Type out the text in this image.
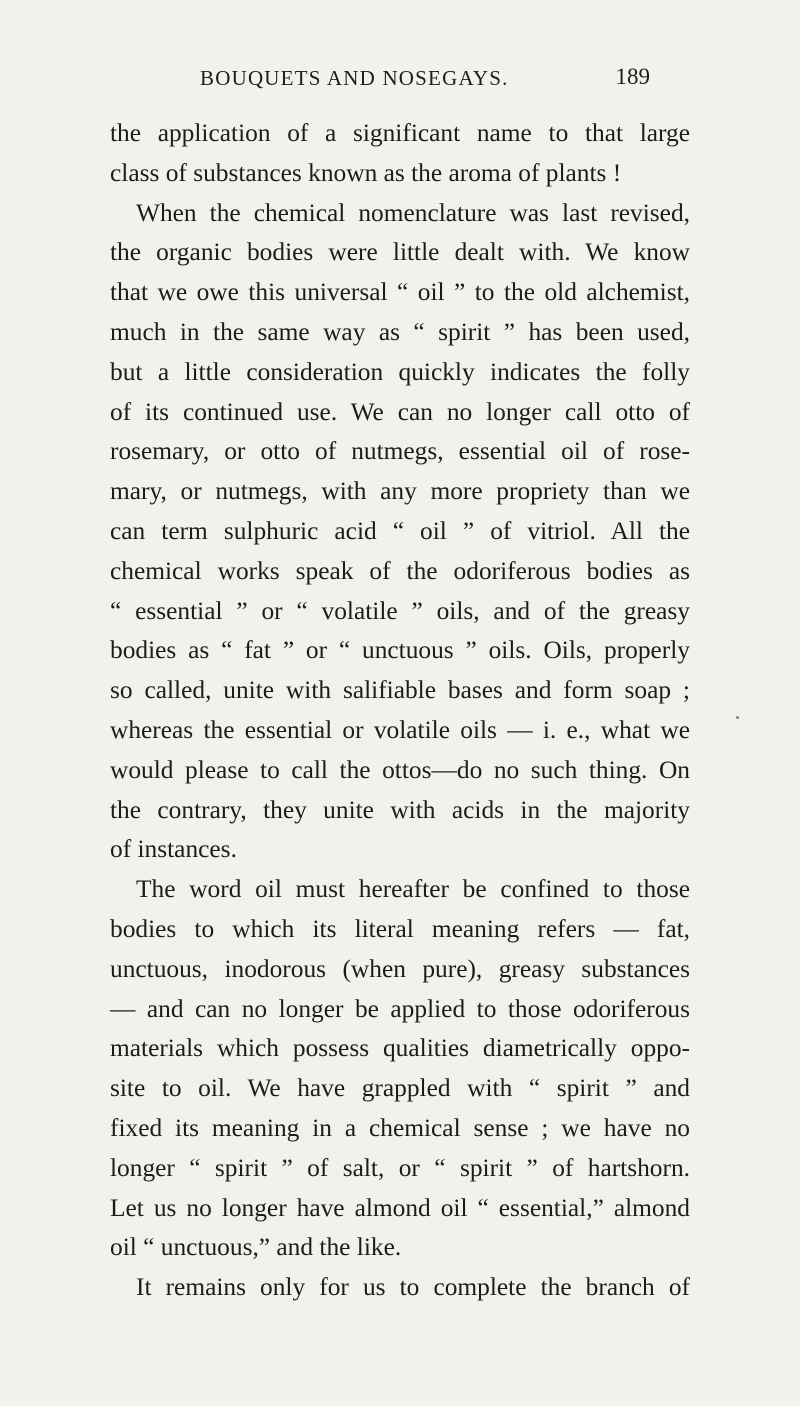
BOUQUETS AND NOSEGAYS.	189
the application of a significant name to that large
class of substances known as the aroma of plants !
When the chemical nomenclature was last revised,
the organic bodies were little dealt with. We know
that we owe this universal “ oil ” to the old alchemist,
much in the same way as “ spirit ” has been used,
but a little consideration quickly indicates the folly
of its continued use. We can no longer call otto of
rosemary, or otto of nutmegs, essential oil of rose-
mary, or nutmegs, with any more propriety than we
can term sulphuric acid “ oil ” of vitriol. All the
chemical works speak of the odoriferous bodies as
“ essential ” or “ volatile ” oils, and of the greasy
bodies as “ fat ” or “ unctuous ” oils. Oils, properly
so called, unite with salifiable bases and form soap ;
whereas the essential or volatile oils — i. e., what we
would please to call the ottos—do no such thing. On
the contrary, they unite with acids in the majority
of instances.
The word oil must hereafter be confined to those
bodies to which its literal meaning refers — fat,
unctuous, inodorous (when pure), greasy substances
— and can no longer be applied to those odoriferous
materials which possess qualities diametrically oppo-
site to oil. We have grappled with “ spirit ” and
fixed its meaning in a chemical sense ; we have no
longer “ spirit ” of salt, or “ spirit ” of hartshorn.
Let us no longer have almond oil “ essential,” almond
oil “ unctuous,” and the like.
It remains only for us to complete the branch of
